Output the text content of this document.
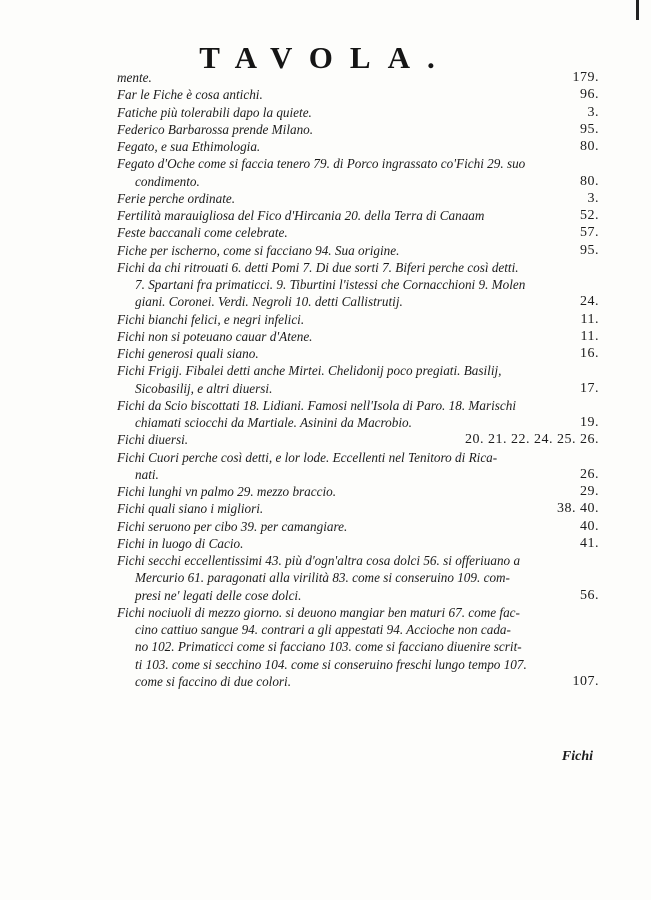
TAVOLA.
mente.	179.
Far le Fiche è cosa antichi.	96.
Fatiche più tolerabili dapo la quiete.	3.
Federico Barbarossa prende Milano.	95.
Fegato, e sua Ethimologia.	80.
Fegato d'Oche come si faccia tenero 79. di Porco ingrassato co'Fichi 29. suo
condimento.	80.
Ferie perche ordinate.	3.
Fertilità marauigliosa del Fico d'Hircania 20. della Terra di Canaam	52.
Feste baccanali come celebrate.	57.
Fiche per ischerno, come si facciano 94. Sua origine.	95.
Fichi da chi ritrouati 6. detti Pomi 7. Di due sorti 7. Biferi perche così detti.
7. Spartani fra primaticci. 9. Tiburtini l'istessi che Cornacchioni 9. Molen
giani. Coronei. Verdi. Negroli 10. detti Callistrutij.	24.
Fichi bianchi felici, e negri infelici.	11.
Fichi non si poteuano cauar d'Atene.	11.
Fichi generosi quali siano.	16.
Fichi Frigij. Fibalei detti anche Mirtei. Chelidonij poco pregiati. Basilij,
Sicobasilij, e altri diuersi.	17.
Fichi da Scio biscottati 18. Lidiani. Famosi nell'Isola di Paro. 18. Marischi
chiamati sciocchi da Martiale. Asinini da Macrobio.	19.
Fichi diuersi.	20. 21. 22. 24. 25. 26.
Fichi Cuori perche così detti, e lor lode. Eccellenti nel Tenitoro di Rica-
nati.	26.
Fichi lunghi vn palmo 29. mezzo braccio.	29.
Fichi quali siano i migliori.	38. 40.
Fichi seruono per cibo 39. per camangiare.	40.
Fichi in luogo di Cacio.	41.
Fichi secchi eccellentissimi 43. più d'ogn'altra cosa dolci 56. si offeriuano a
Mercurio 61. paragonati alla virilità 83. come si conseruino 109. com-
presi ne' legati delle cose dolci.	56.
Fichi nociuoli di mezzo giorno. si deuono mangiar ben maturi 67. come fac-
cino cattiuo sangue 94. contrari a gli appestati 94. Accioche non cada-
no 102. Primaticci come si facciano 103. come si facciano diuenire scrit-
ti 103. come si secchino 104. come si conseruino freschi lungo tempo 107.
come si faccino di due colori.	107.
Fichi
